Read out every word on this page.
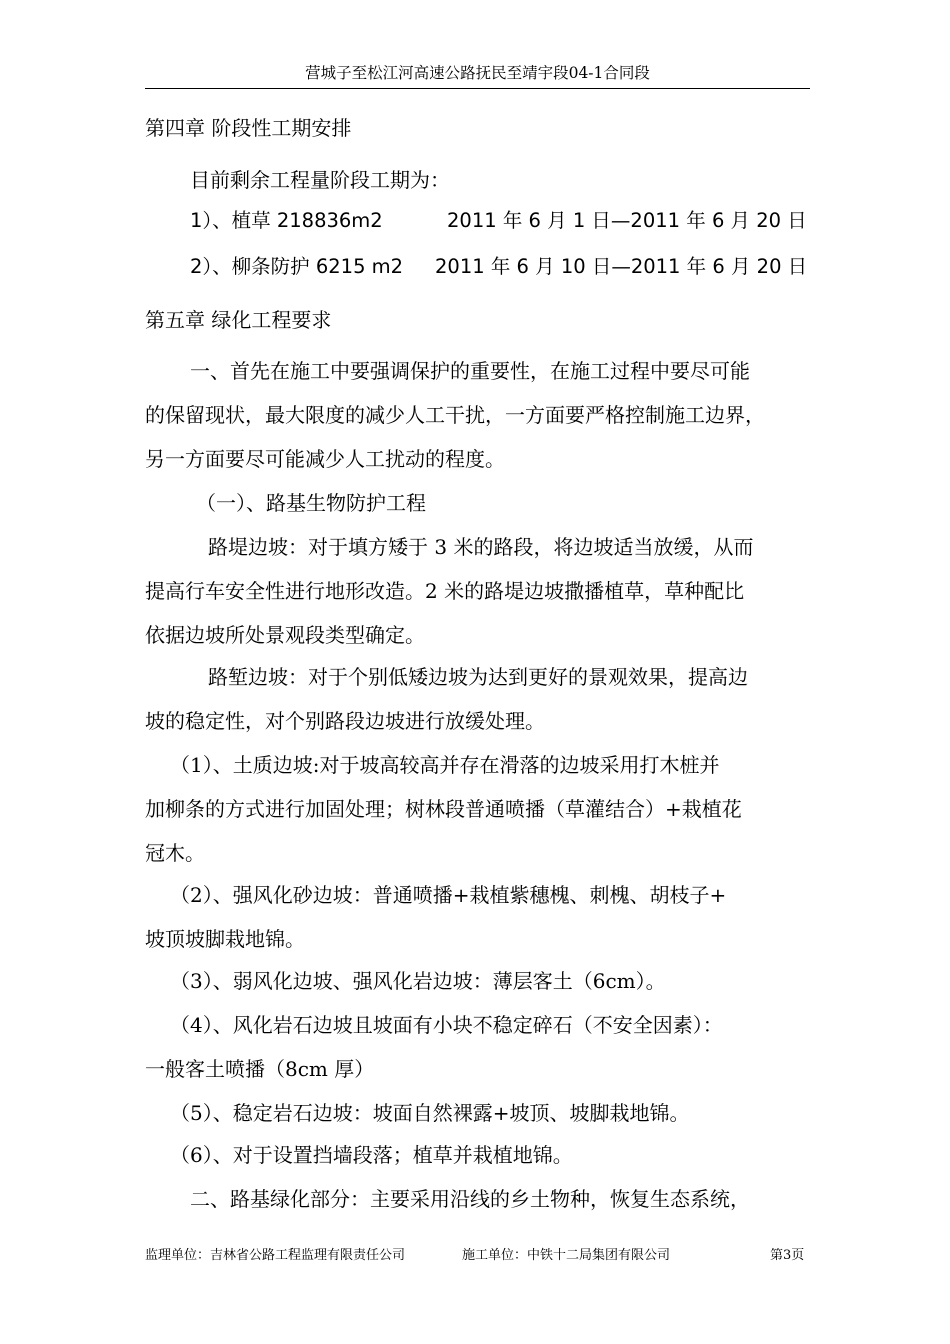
营城子至松江河高速公路抚民至靖宇段04-1合同段
第四章 阶段性工期安排
目前剩余工程量阶段工期为：
1）、植草 218836m2	2011 年 6 月 1 日—2011 年 6 月 20 日
2）、柳条防护 6215 m2 2011 年 6 月 10 日—2011 年 6 月 20 日
第五章 绿化工程要求
一、首先在施工中要强调保护的重要性，在施工过程中要尽可能
的保留现状，最大限度的减少人工干扰，一方面要严格控制施工边界，
另一方面要尽可能减少人工扰动的程度。
（一）、路基生物防护工程
路堤边坡：对于填方矮于 3 米的路段，将边坡适当放缓，从而
提高行车安全性进行地形改造。2 米的路堤边坡撒播植草，草种配比
依据边坡所处景观段类型确定。
路堑边坡：对于个别低矮边坡为达到更好的景观效果，提高边
坡的稳定性，对个别路段边坡进行放缓处理。
（1）、土质边坡:对于坡高较高并存在滑落的边坡采用打木桩并
加柳条的方式进行加固处理；树林段普通喷播（草灌结合）+栽植花
冠木。
（2）、强风化砂边坡：普通喷播+栽植紫穗槐、刺槐、胡枝子+
坡顶坡脚栽地锦。
（3）、弱风化边坡、强风化岩边坡：薄层客土（6cm）。
（4）、风化岩石边坡且坡面有小块不稳定碎石（不安全因素）：
一般客土喷播（8cm 厚）
（5）、稳定岩石边坡：坡面自然裸露+坡顶、坡脚栽地锦。
（6）、对于设置挡墙段落；植草并栽植地锦。
二、路基绿化部分：主要采用沿线的乡土物种，恢复生态系统，
监理单位：吉林省公路工程监理有限责任公司	施工单位：中铁十二局集团有限公司	第3页
